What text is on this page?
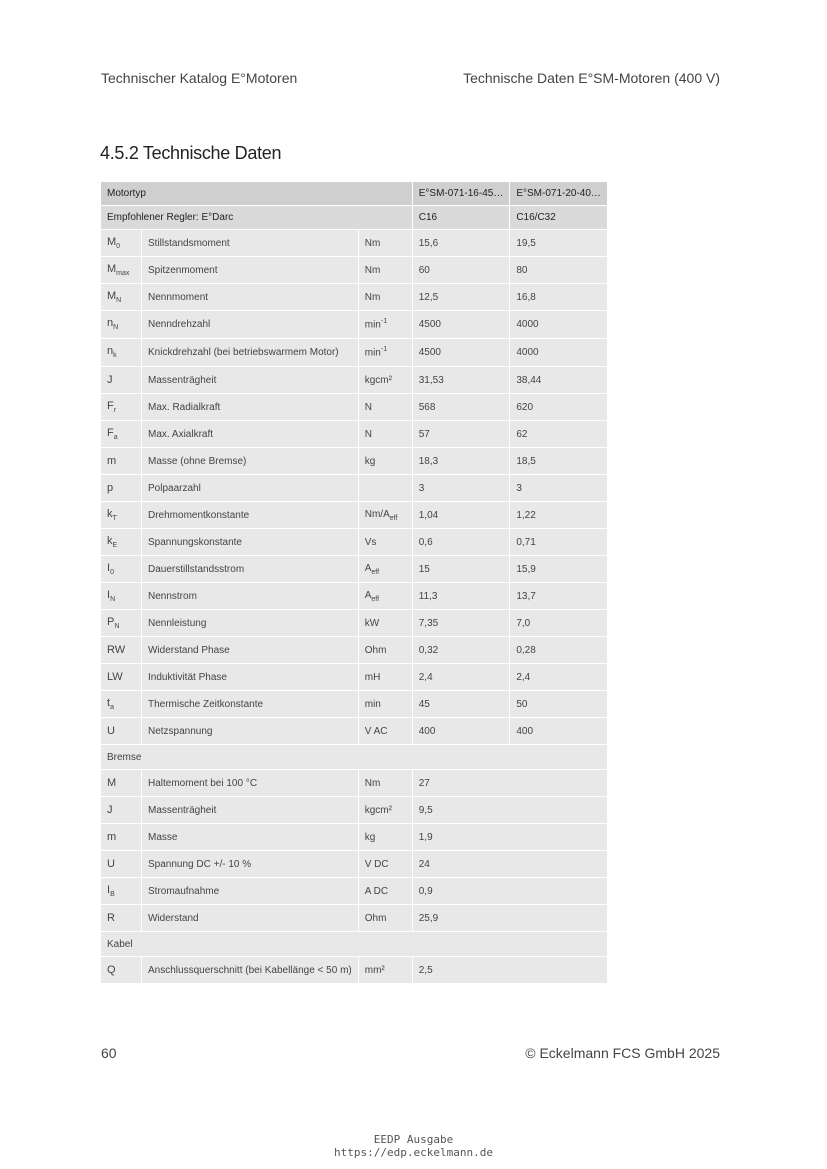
Technischer Katalog E°Motoren	Technische Daten E°SM-Motoren (400 V)
4.5.2 Technische Daten
Motortyp			E°SM-071-16-45…	E°SM-071-20-40…
Empfohlener Regler: E°Darc			C16	C16/C32
$M_0$	Stillstandsmoment	Nm	15,6	19,5
$M_{max}$	Spitzenmoment	Nm	60	80
$M_N$	Nennmoment	Nm	12,5	16,8
$n_N$	Nenndrehzahl	$\min^{-1}$	4500	4000
$n_k$	Knickdrehzahl (bei betriebswarmem Motor)	$\min^{-1}$	4500	4000
J	Massenträgheit	kgcm²	31,53	38,44
$F_r$	Max. Radialkraft	N	568	620
$F_a$	Max. Axialkraft	N	57	62
m	Masse (ohne Bremse)	kg	18,3	18,5
p	Polpaarzahl		3	3
$k_T$	Drehmomentkonstante	$Nm/A_{eff}$	1,04	1,22
$k_E$	Spannungskonstante	Vs	0,6	0,71
$I_0$	Dauerstillstandsstrom	$A_{eff}$	15	15,9
$I_N$	Nennstrom	$A_{eff}$	11,3	13,7
$P_N$	Nennleistung	kW	7,35	7,0
RW	Widerstand Phase	Ohm	0,32	0,28
LW	Induktivität Phase	mH	2,4	2,4
$t_a$	Thermische Zeitkonstante	min	45	50
U	Netzspannung	V AC	400	400
Bremse				
M	Haltemoment bei 100 °C	Nm	27	
J	Massenträgheit	kgcm²	9,5	
m	Masse	kg	1,9	
U	Spannung DC +/- 10 %	V DC	24	
$I_B$	Stromaufnahme	A DC	0,9	
R	Widerstand	Ohm	25,9	
Kabel				
Q	Anschlussquerschnitt (bei Kabellänge < 50 m)	mm²	2,5	
60	© Eckelmann FCS GmbH 2025
EEDP Ausgabe
https://edp.eckelmann.de
